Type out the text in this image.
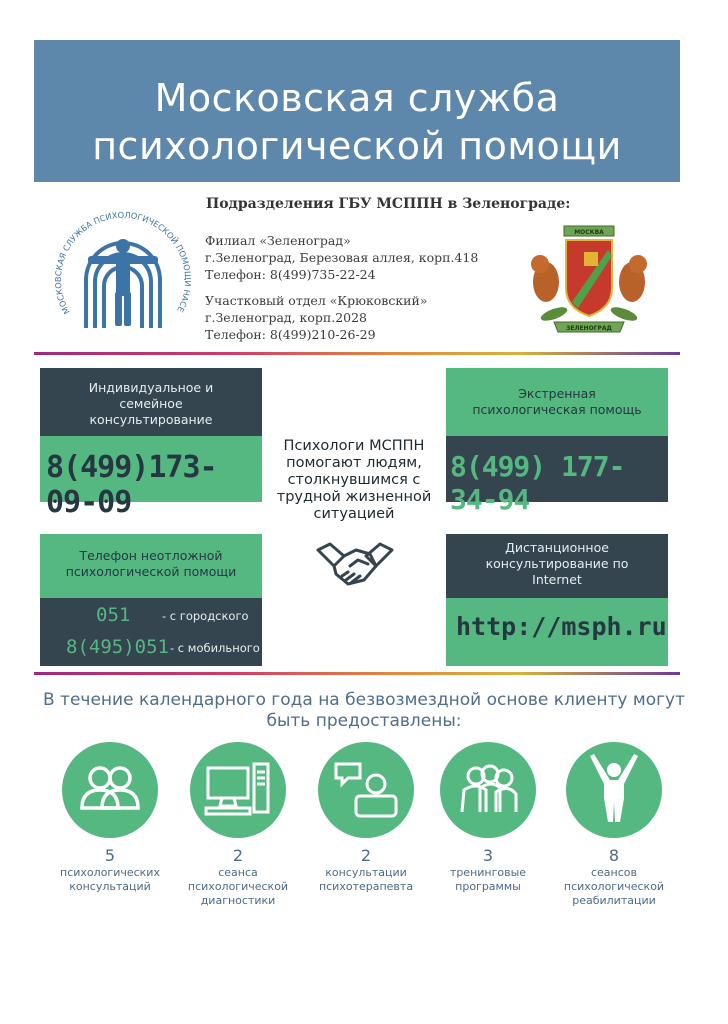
Московская служба
психологической помощи
МОСКОВСКАЯ СЛУЖБА ПСИХОЛОГИЧЕСКОЙ ПОМОЩИ НАСЕ
Подразделения ГБУ МСППН в Зеленограде:
Филиал «Зеленоград»
г.Зеленоград, Березовая аллея, корп.418
Телефон: 8(499)735-22-24
Участковый отдел «Крюковский»
г.Зеленоград, корп.2028
Телефон: 8(499)210-26-29
МОСКВА
ЗЕЛЕНОГРАД
Индивидуальное и семейное консультирование
8(499)173-09-09
Телефон неотложной психологической помощи
051	- с городского
8(495)051 - с мобильного
Экстренная психологическая помощь
8(499) 177-34-94
Дистанционное консультирование по Internet
http://msph.ru
Психологи МСППН помогают людям, столкнувшимся с трудной жизненной ситуацией
В течение календарного года на безвозмездной основе клиенту могут быть предоставлены:
5
психологических консультаций
2
сеанса психологической диагностики
2
консультации психотерапевта
3
тренинговые программы
8
сеансов психологической реабилитации
